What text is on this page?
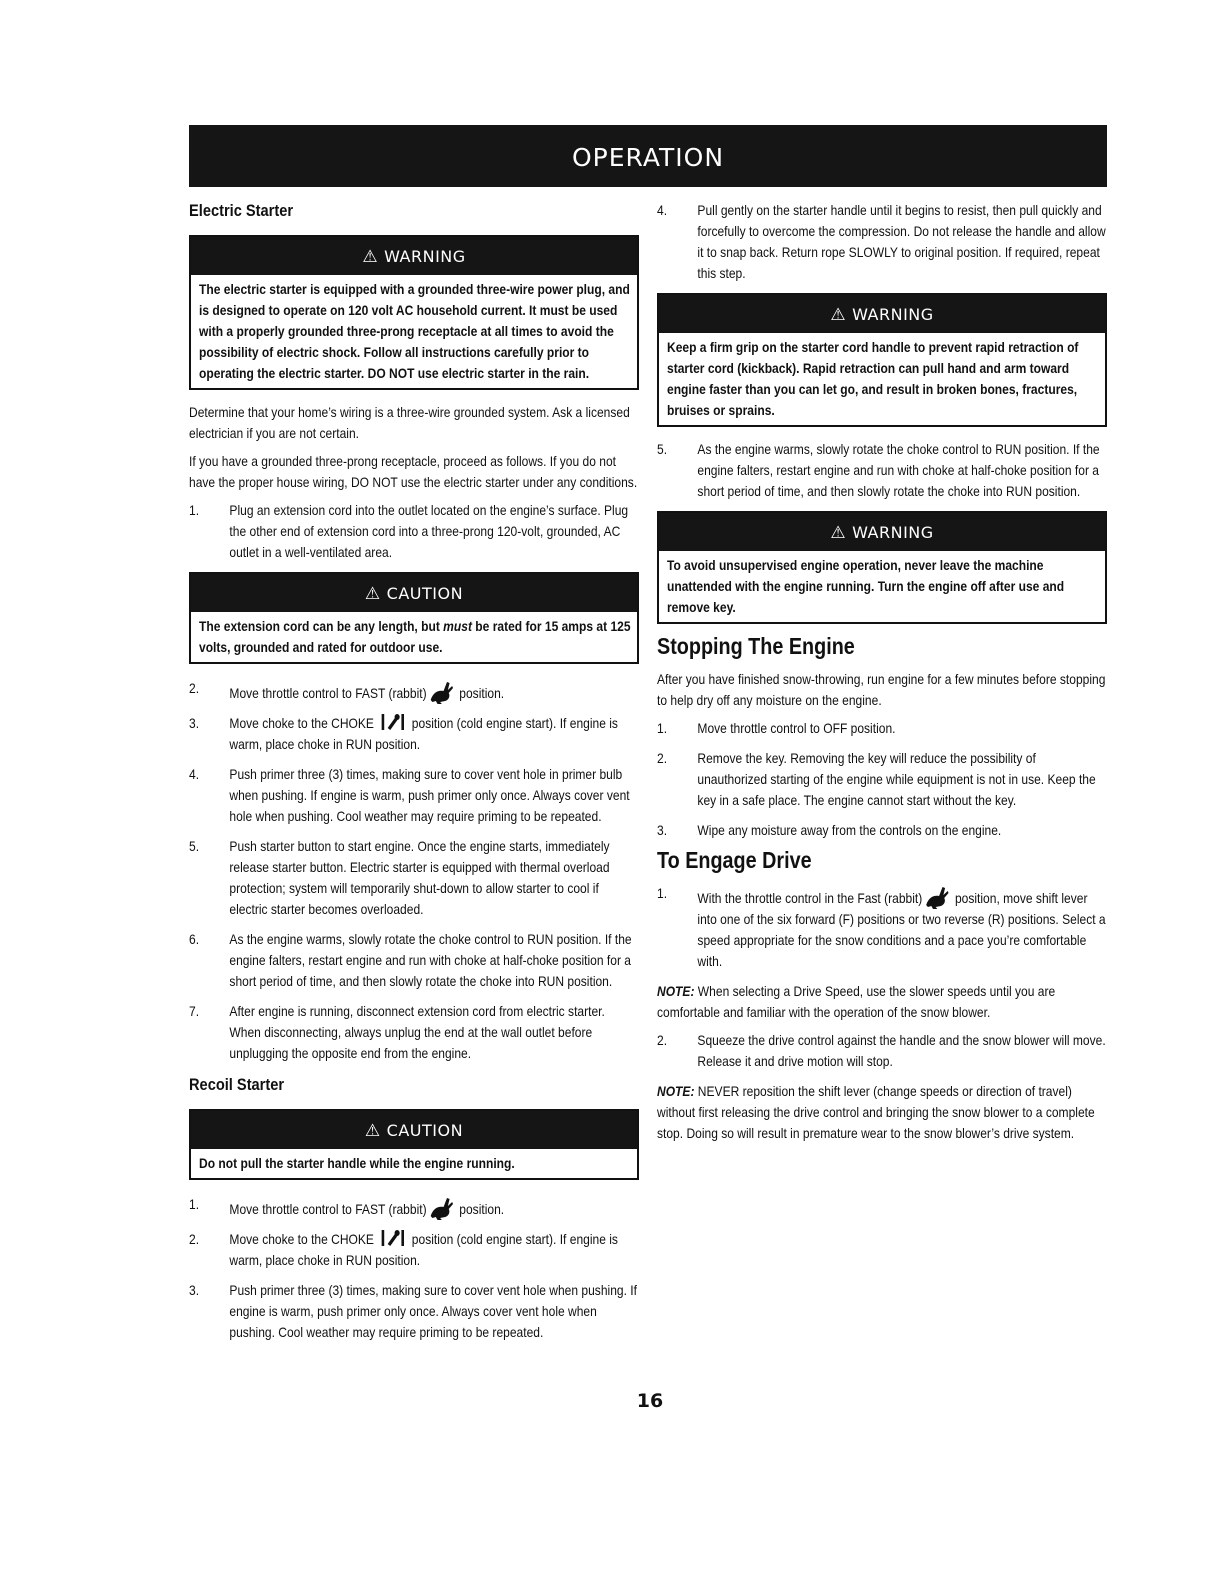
OPERATION
Electric Starter
⚠ WARNING
The electric starter is equipped with a grounded three-wire power plug, and is designed to operate on 120 volt AC household current. It must be used with a properly grounded three-prong receptacle at all times to avoid the possibility of electric shock. Follow all instructions carefully prior to operating the electric starter. DO NOT use electric starter in the rain.

Determine that your home’s wiring is a three-wire grounded system. Ask a licensed electrician if you are not certain.

If you have a grounded three-prong receptacle, proceed as follows. If you do not have the proper house wiring, DO NOT use the electric starter under any conditions.

1. Plug an extension cord into the outlet located on the engine’s surface. Plug the other end of extension cord into a three-prong 120-volt, grounded, AC outlet in a well-ventilated area.
⚠ CAUTION
The extension cord can be any length, but must be rated for 15 amps at 125 volts, grounded and rated for outdoor use.
2. Move throttle control to FAST (rabbit) position.
3. Move choke to the CHOKE	position (cold engine start). If engine is warm, place choke in RUN position.
4. Push primer three (3) times, making sure to cover vent hole in primer bulb when pushing. If engine is warm, push primer only once. Always cover vent hole when pushing. Cool weather may require priming to be repeated.
5. Push starter button to start engine. Once the engine starts, immediately release starter button. Electric starter is equipped with thermal overload protection; system will temporarily shut-down to allow starter to cool if electric starter becomes overloaded.
6. As the engine warms, slowly rotate the choke control to RUN position. If the engine falters, restart engine and run with choke at half-choke position for a short period of time, and then slowly rotate the choke into RUN position.
7. After engine is running, disconnect extension cord from electric starter. When disconnecting, always unplug the end at the wall outlet before unplugging the opposite end from the engine.
Recoil Starter
⚠ CAUTION
Do not pull the starter handle while the engine running.
1. Move throttle control to FAST (rabbit) position.
2. Move choke to the CHOKE	position (cold engine start). If engine is warm, place choke in RUN position.
3. Push primer three (3) times, making sure to cover vent hole when pushing. If engine is warm, push primer only once. Always cover vent hole when pushing. Cool weather may require priming to be repeated.
4. Pull gently on the starter handle until it begins to resist, then pull quickly and forcefully to overcome the compression. Do not release the handle and allow it to snap back. Return rope SLOWLY to original position. If required, repeat this step.
⚠ WARNING
Keep a firm grip on the starter cord handle to prevent rapid retraction of starter cord (kickback). Rapid retraction can pull hand and arm toward engine faster than you can let go, and result in broken bones, fractures, bruises or sprains.
5. As the engine warms, slowly rotate the choke control to RUN position. If the engine falters, restart engine and run with choke at half-choke position for a short period of time, and then slowly rotate the choke into RUN position.
⚠ WARNING
To avoid unsupervised engine operation, never leave the machine unattended with the engine running. Turn the engine off after use and remove key.
Stopping The Engine

After you have finished snow-throwing, run engine for a few minutes before stopping to help dry off any moisture on the engine.

1. Move throttle control to OFF position.
2. Remove the key. Removing the key will reduce the possibility of unauthorized starting of the engine while equipment is not in use. Keep the key in a safe place. The engine cannot start without the key.
3. Wipe any moisture away from the controls on the engine.
To Engage Drive
1. With the throttle control in the Fast (rabbit) position, move shift lever into one of the six forward (F) positions or two reverse (R) positions. Select a speed appropriate for the snow conditions and a pace you’re comfortable with.

NOTE: When selecting a Drive Speed, use the slower speeds until you are comfortable and familiar with the operation of the snow blower.

2. Squeeze the drive control against the handle and the snow blower will move. Release it and drive motion will stop.

NOTE: NEVER reposition the shift lever (change speeds or direction of travel) without first releasing the drive control and bringing the snow blower to a complete stop. Doing so will result in premature wear to the snow blower’s drive system.

16
